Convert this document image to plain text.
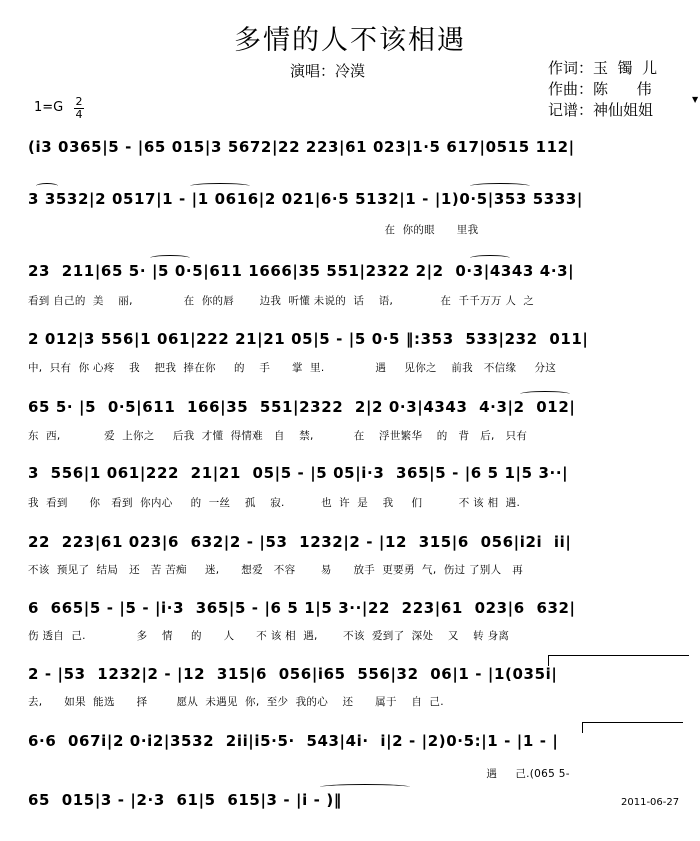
多情的人不该相遇
演唱：冷漠	作词：玉  镯  儿
作曲：陈      伟
记谱：神仙姐姐
▼
1=G 2
4
(i3 0365|5 - |65 015|3 5672|22 223|61 023|1·5 617|0515 112|
3 3532|2 0517|1 - |1 0616|2 021|6·5 5132|1 - |1)0·5|353 5333|
在  你的眼      里我
23  211|65 5· |5 0·5|611 1666|35 551|2322 2|2  0·3|4343 4·3|
看到 自己的  美    丽,              在  你的唇       边我  听懂 未说的  话    语,             在  千千万万 人  之
2 012|3 556|1 061|222 21|21 05|5 - |5 0·5 ‖:353  533|232  011|
中,  只有  你 心疼    我    把我  捧在你     的    手      掌  里.              遇     见你之    前我   不信缘     分这
65 5· |5  0·5|611  166|35  551|2322  2|2 0·3|4343  4·3|2  012|
东  西,            爱  上你之     后我  才懂  得情难   自    禁,           在    浮世繁华    的   背   后,   只有
3  556|1 061|222  21|21  05|5 - |5 05|i·3  365|5 - |6 5 1|5 3··|
我  看到      你   看到  你内心     的  一丝    孤    寂.          也  许  是    我     们          不 该 相  遇.
22  223|61 023|6  632|2 - |53  1232|2 - |12  315|6  056|i2i  ii|
不该  预见了  结局   还   苦 苦痴     迷,      想爱   不容       易      放手  更要勇  气,  伤过 了别人   再
6  665|5 - |5 - |i·3  365|5 - |6 5 1|5 3··|22  223|61  023|6  632|
伤 透自  己.              多    情     的      人      不 该 相  遇,       不该  爱到了  深处    又    转 身离
2 - |53  1232|2 - |12  315|6  056|i65  556|32  06|1 - |1(035i|
去,      如果  能选      择        愿从  未遇见  你,  至少  我的心    还      属于    自  己.
6·6  067i|2 0·i2|3532  2ii|i5·5·  543|4i·  i|2 - |2)0·5:|1 - |1 - |
遇     己.(065 5-
65  015|3 - |2·3  61|5  615|3 - |i - )‖	2011-06-27
